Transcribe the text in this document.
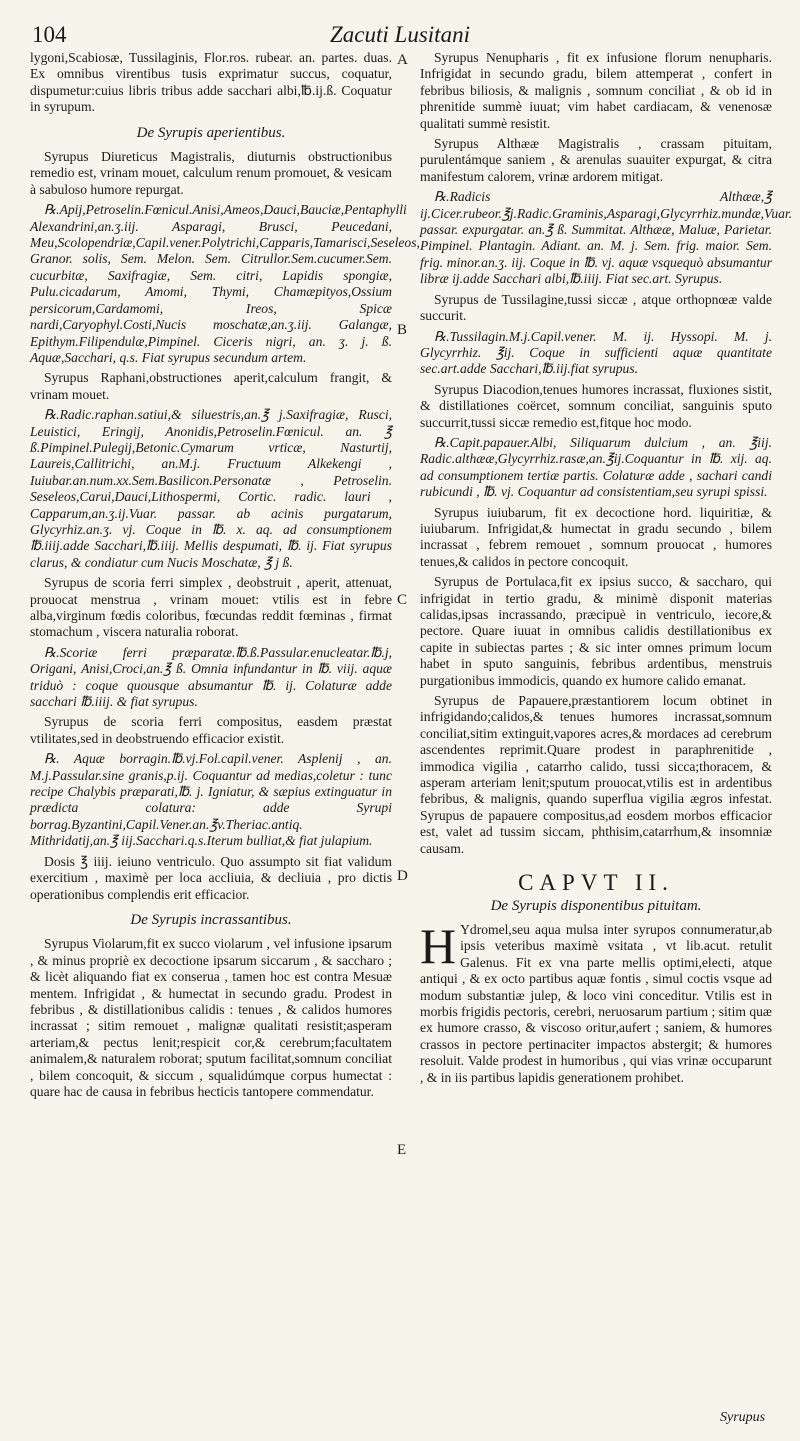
104	Zacuti Lusitani

lygoni,Scabiosæ, Tussilaginis, Flor.ros. rubear. an. partes. duas. Ex omnibus virentibus tusis exprimatur succus, coquatur, dispumetur:cuius libris tribus adde sacchari albi,℔.ij.ß. Coquatur in syrupum.

De Syrupis aperientibus.

Syrupus Diureticus Magistralis, diuturnis obstructionibus remedio est, vrinam mouet, calculum renum promouet, & vesicam à sabuloso humore repurgat.

℞.Apij,Petroselin.Fœnicul.Anisi,Ameos,Dauci,Bauciæ,Pentaphylli Alexandrini,an.ʒ.iij. Asparagi, Brusci, Peucedani, Meu,Scolopendriæ,Capil.vener.Polytrichi,Capparis,Tamarisci,Seseleos, Granor. solis, Sem. Melon. Sem. Citrullor.Sem.cucumer.Sem. cucurbitæ, Saxifragiæ, Sem. citri, Lapidis spongiæ, Pulu.cicadarum, Amomi, Thymi, Chamæpityos,Ossium persicorum,Cardamomi, Ireos, Spicæ nardi,Caryophyl.Costi,Nucis moschatæ,an.ʒ.iij. Galangæ, Epithym.Filipendulæ,Pimpinel. Ciceris nigri, an. ʒ. j. ß. Aquæ,Sacchari, q.s. Fiat syrupus secundum artem.

Syrupus Raphani,obstructiones aperit,calculum frangit, & vrinam mouet.

℞.Radic.raphan.satiui,& siluestris,an.℥ j.Saxifragiæ, Rusci, Leuistici, Eringij, Anonidis,Petroselin.Fœnicul. an. ℥ ß.Pimpinel.Pulegij,Betonic.Cymarum vrticæ, Nasturtij, Laureis,Callitrichi, an.M.j. Fructuum Alkekengi , Iuiubar.an.num.xx.Sem.Basilicon.Personatæ , Petroselin. Seseleos,Carui,Dauci,Lithospermi, Cortic. radic. lauri , Capparum,an.ʒ.ij.Vuar. passar. ab acinis purgatarum, Glycyrhiz.an.ʒ. vj. Coque in ℔. x. aq. ad consumptionem ℔.iiij.adde Sacchari,℔.iiij. Mellis despumati, ℔. ij. Fiat syrupus clarus, & condiatur cum Nucis Moschatæ, ℥ j ß.

Syrupus de scoria ferri simplex , deobstruit , aperit, attenuat, prouocat menstrua , vrinam mouet: vtilis est in febre alba,virginum fœdis coloribus, fœcundas reddit fœminas , firmat stomachum , viscera naturalia roborat.

℞.Scoriæ ferri præparatæ.℔.ß.Passular.enucleatar.℔.j, Origani, Anisi,Croci,an.℥ ß. Omnia infundantur in ℔. viij. aquæ triduò : coque quousque absumantur ℔. ij. Colaturæ adde sacchari ℔.iiij. & fiat syrupus.

Syrupus de scoria ferri compositus, easdem præstat vtilitates,sed in deobstruendo efficacior existit.

℞. Aquæ borragin.℔.vj.Fol.capil.vener. Asplenij , an. M.j.Passular.sine granis,p.ij. Coquantur ad medias,coletur : tunc recipe Chalybis præparati,℔. j. Igniatur, & sæpius extinguatur in prædicta colatura: adde Syrupi borrag.Byzantini,Capil.Vener.an.℥v.Theriac.antiq. Mithridatij,an.℥ iij.Sacchari.q.s.Iterum bulliat,& fiat julapium.

Dosis ℥ iiij. ieiuno ventriculo. Quo assumpto sit fiat validum exercitium , maximè per loca accliuia, & decliuia , pro dictis operationibus complendis erit efficacior.

De Syrupis incrassantibus.

Syrupus Violarum,fit ex succo violarum , vel infusione ipsarum , & minus propriè ex decoctione ipsarum siccarum , & saccharo ; & licèt aliquando fiat ex conserua , tamen hoc est contra Mesuæ mentem. Infrigidat , & humectat in secundo gradu. Prodest in febribus , & distillationibus calidis : tenues , & calidos humores incrassat ; sitim remouet , malignæ qualitati resistit;asperam arteriam,& pectus lenit;respicit cor,& cerebrum;facultatem animalem,& naturalem roborat; sputum facilitat,somnum conciliat , bilem concoquit, & siccum , squalidúmque corpus humectat : quare hac de causa in febribus hecticis tantopere commendatur.

A
B
C
D
E

Syrupus Nenupharis , fit ex infusione florum nenupharis. Infrigidat in secundo gradu, bilem attemperat , confert in febribus biliosis, & malignis , somnum conciliat , & ob id in phrenitide summè iuuat; vim habet cardiacam, & venenosæ qualitati summè resistit.

Syrupus Althææ Magistralis , crassam pituitam, purulentámque saniem , & arenulas suauiter expurgat, & citra manifestum calorem, vrinæ ardorem mitigat.

℞.Radicis Althææ,℥ ij.Cicer.rubeor.℥j.Radic.Graminis,Asparagi,Glycyrrhiz.mundæ,Vuar. passar. expurgatar. an.℥ ß. Summitat. Althææ, Maluæ, Parietar. Pimpinel. Plantagin. Adiant. an. M. j. Sem. frig. maior. Sem. frig. minor.an.ʒ. iij. Coque in ℔. vj. aquæ vsquequò absumantur libræ ij.adde Sacchari albi,℔.iiij. Fiat sec.art. Syrupus.

Syrupus de Tussilagine,tussi siccæ , atque orthopnœæ valde succurit.

℞.Tussilagin.M.j.Capil.vener. M. ij. Hyssopi. M. j. Glycyrrhiz. ℥ij. Coque in sufficienti aquæ quantitate sec.art.adde Sacchari,℔.iij.fiat syrupus.

Syrupus Diacodion,tenues humores incrassat, fluxiones sistit, & distillationes coërcet, somnum conciliat, sanguinis sputo succurrit,tussi siccæ remedio est,fitque hoc modo.

℞.Capit.papauer.Albi, Siliquarum dulcium , an. ℥iij. Radic.althææ,Glycyrrhiz.rasæ,an.℥ij.Coquantur in ℔. xij. aq. ad consumptionem tertiæ partis. Colaturæ adde , sachari candi rubicundi , ℔. vj. Coquantur ad consistentiam,seu syrupi spissi.

Syrupus iuiubarum, fit ex decoctione hord. liquiritiæ, & iuiubarum. Infrigidat,& humectat in gradu secundo , bilem incrassat , febrem remouet , somnum prouocat , humores tenues,& calidos in pectore concoquit.

Syrupus de Portulaca,fit ex ipsius succo, & saccharo, qui infrigidat in tertio gradu, & minimè disponit materias calidas,ipsas incrassando, præcipuè in ventriculo, iecore,& pectore. Quare iuuat in omnibus calidis destillationibus ex capite in subiectas partes ; & sic inter omnes primum locum habet in sputo sanguinis, febribus ardentibus, menstruis purgationibus immodicis, quando ex humore calido emanat.

Syrupus de Papauere,præstantiorem locum obtinet in infrigidando;calidos,& tenues humores incrassat,somnum conciliat,sitim extinguit,vapores acres,& mordaces ad cerebrum ascendentes reprimit.Quare prodest in paraphrenitide , immodica vigilia , catarrho calido, tussi sicca;thoracem, & asperam arteriam lenit;sputum prouocat,vtilis est in ardentibus febribus, & malignis, quando superflua vigilia ægros infestat. Syrupus de papauere compositus,ad eosdem morbos efficacior est, valet ad tussim siccam, phthisim,catarrhum,& insomniæ causam.

CAPVT II.

De Syrupis disponentibus pituitam.

H Ydromel,seu aqua mulsa inter syrupos connumeratur,ab ipsis veteribus maximè vsitata , vt lib.acut. retulit Galenus. Fit ex vna parte mellis optimi,electi, atque antiqui , & ex octo partibus aquæ fontis , simul coctis vsque ad modum substantiæ julep, & loco vini conceditur. Vtilis est in morbis frigidis pectoris, cerebri, neruosarum partium ; sitim quæ ex humore crasso, & viscoso oritur,aufert ; saniem, & humores crassos in pectore pertinaciter impactos abstergit; & humores resoluit. Valde prodest in humoribus , qui vias vrinæ occuparunt , & in iis partibus lapidis generationem prohibet.

Syrupus
